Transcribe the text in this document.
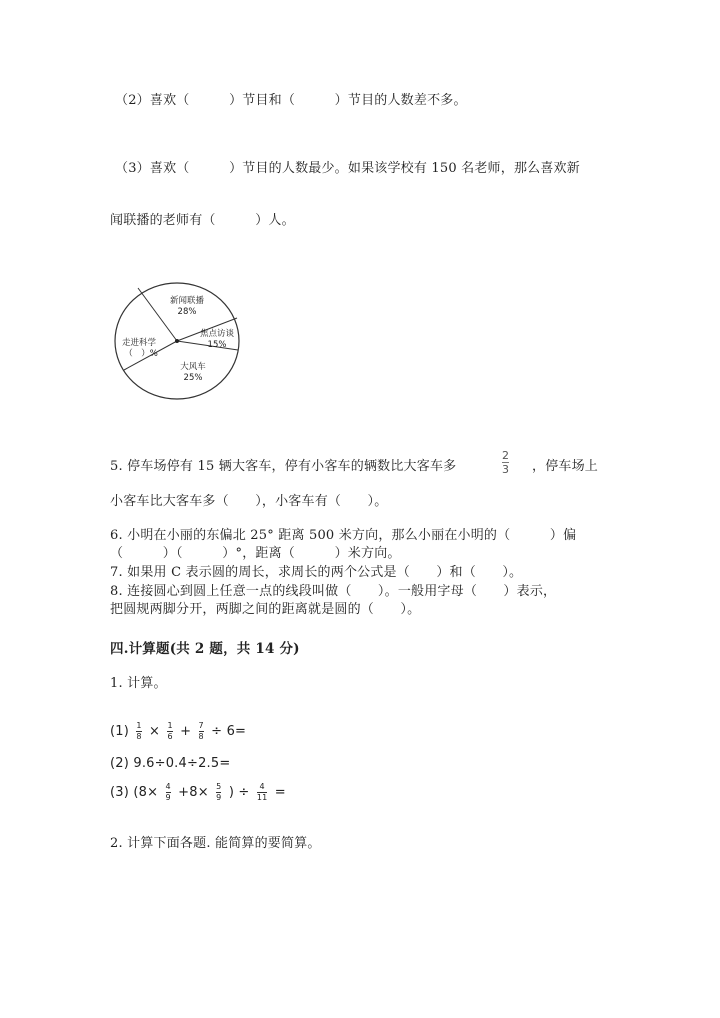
（2）喜欢（　　　）节目和（　　　）节目的人数差不多。
（3）喜欢（　　　）节目的人数最少。如果该学校有 150 名老师，那么喜欢新
闻联播的老师有（　　　）人。
新闻联播
28%
焦点访谈
15%
大风车
25%
走进科学
（　）%
5. 停车场停有 15 辆大客车，停有小客车的辆数比大客车多
2
3 ，停车场上
小客车比大客车多（　　），小客车有（　　）。
6. 小明在小丽的东偏北 25° 距离 500 米方向，那么小丽在小明的（　　　）偏
（　　　）（　　　）°，距离（　　　）米方向。
7. 如果用 C 表示圆的周长，求周长的两个公式是（　　）和（　　）。
8. 连接圆心到圆上任意一点的线段叫做（　　）。一般用字母（　　）表示，
把圆规两脚分开，两脚之间的距离就是圆的（　　）。
四.计算题(共 2 题，共 14 分)
1. 计算。
$(1) \frac{1}{8} \times \frac{1}{6} + \frac{7}{8} \div 6=$
(2) 9.6÷0.4÷2.5=
(3) ($8\times \frac{4}{9} +8\times \frac{5}{9}$ ) ÷ $\frac{4}{11}$ =
2. 计算下面各题. 能简算的要简算。
